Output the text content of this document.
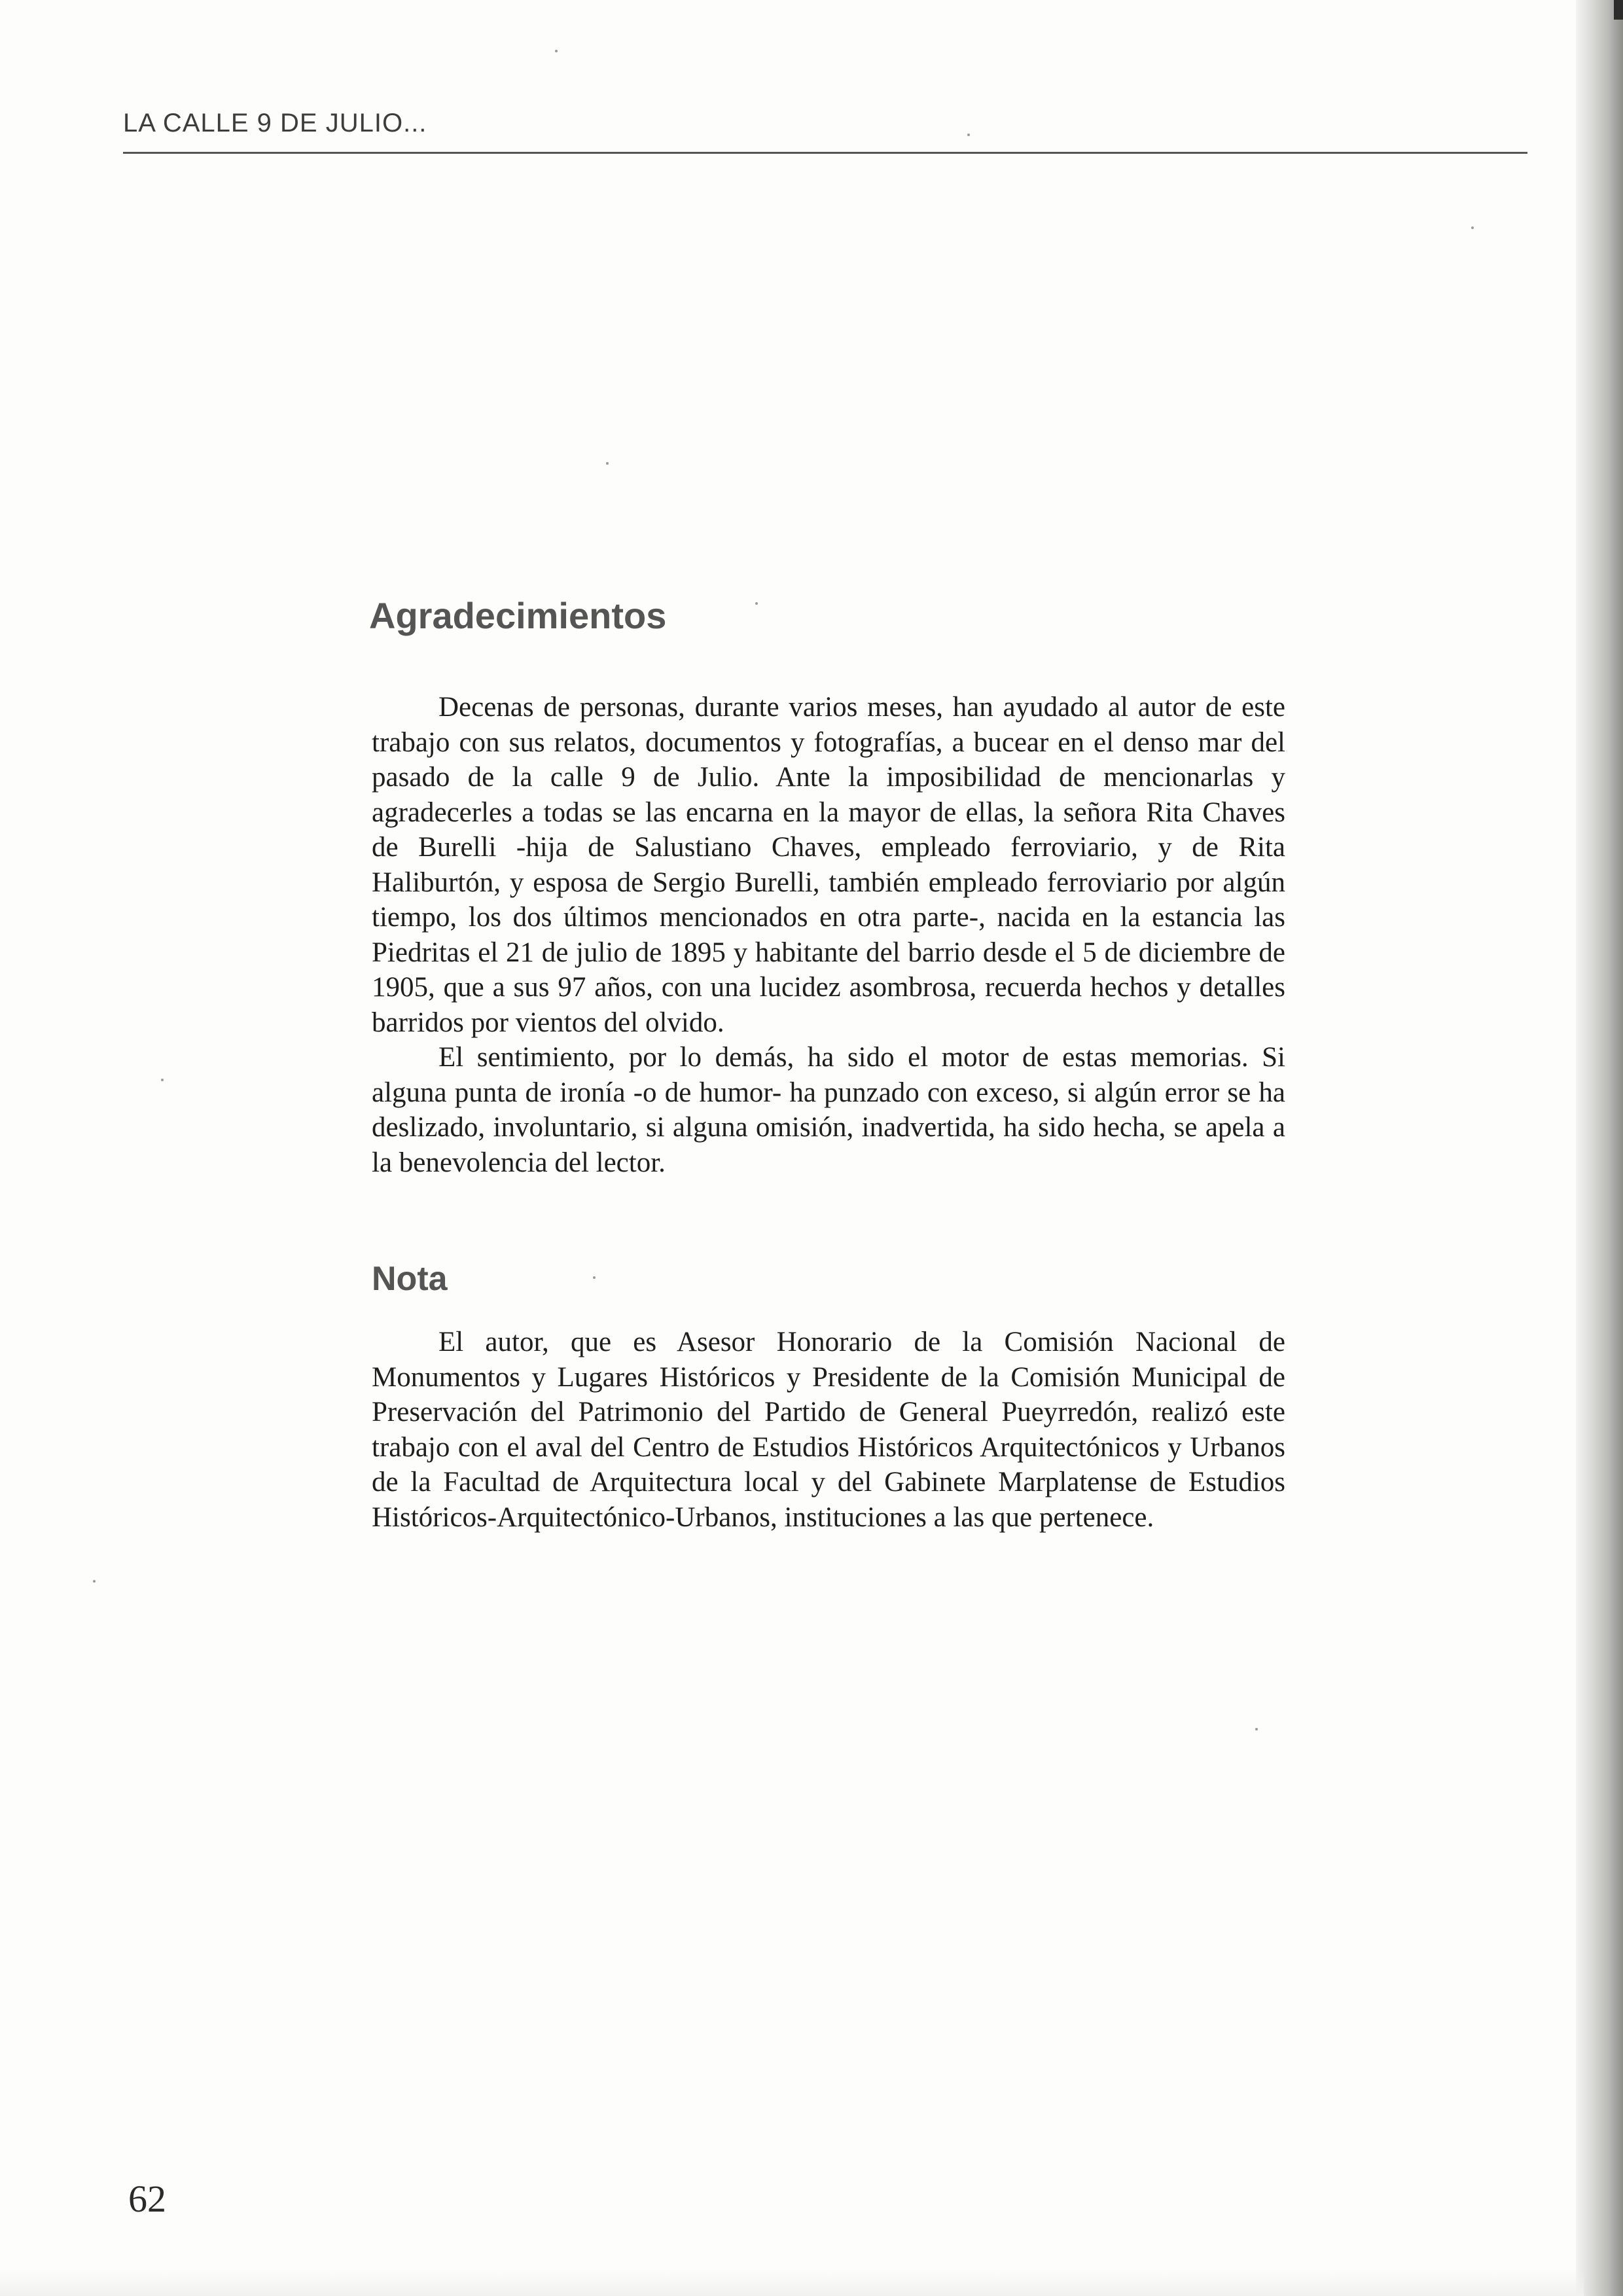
LA CALLE 9 DE JULIO...
Agradecimientos

Decenas de personas, durante varios meses, han ayudado al autor de este trabajo con sus relatos, documentos y fotografías, a bucear en el denso mar del pasado de la calle 9 de Julio. Ante la imposibilidad de mencionarlas y agradecerles a todas se las encarna en la mayor de ellas, la señora Rita Chaves de Burelli -hija de Salustiano Chaves, empleado ferroviario, y de Rita Haliburtón, y esposa de Sergio Burelli, también empleado ferroviario por algún tiempo, los dos últimos mencionados en otra parte-, nacida en la estancia las Piedritas el 21 de julio de 1895 y habitante del barrio desde el 5 de diciembre de 1905, que a sus 97 años, con una lucidez asombrosa, recuerda hechos y detalles barridos por vientos del olvido.

El sentimiento, por lo demás, ha sido el motor de estas memorias. Si alguna punta de ironía -o de humor- ha punzado con exceso, si algún error se ha deslizado, involuntario, si alguna omisión, inadvertida, ha sido hecha, se apela a la benevolencia del lector.

Nota

El autor, que es Asesor Honorario de la Comisión Nacional de Monumentos y Lugares Históricos y Presidente de la Comisión Municipal de Preservación del Patrimonio del Partido de General Pueyrredón, realizó este trabajo con el aval del Centro de Estudios Históricos Arquitectónicos y Urbanos de la Facultad de Arquitectura local y del Gabinete Marplatense de Estudios Históricos-Arquitectónico-Urbanos, instituciones a las que pertenece.

62
